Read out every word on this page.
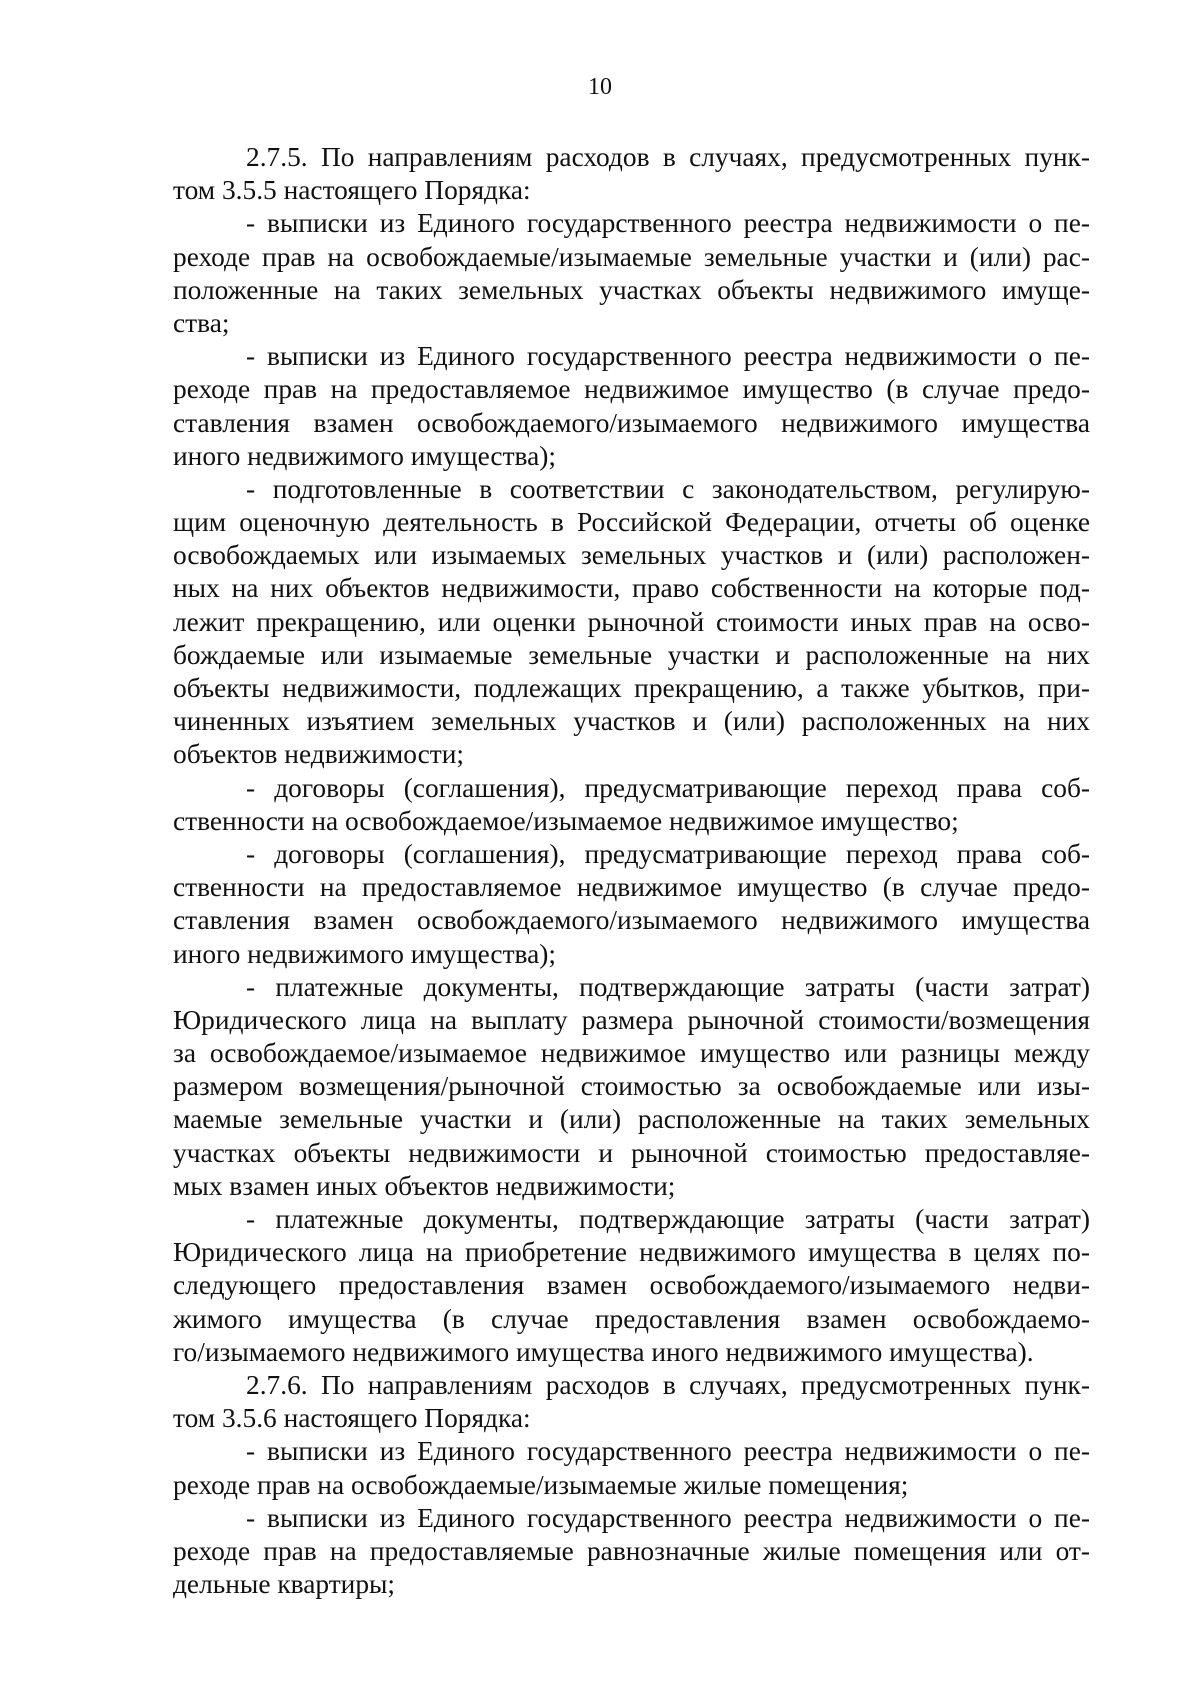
10
2.7.5. По направлениям расходов в случаях, предусмотренных пунк-
том 3.5.5 настоящего Порядка:
- выписки из Единого государственного реестра недвижимости о пе-
реходе прав на освобождаемые/изымаемые земельные участки и (или) рас-
положенные на таких земельных участках объекты недвижимого имуще-
ства;
- выписки из Единого государственного реестра недвижимости о пе-
реходе прав на предоставляемое недвижимое имущество (в случае предо-
ставления взамен освобождаемого/изымаемого недвижимого имущества
иного недвижимого имущества);
- подготовленные в соответствии с законодательством, регулирую-
щим оценочную деятельность в Российской Федерации, отчеты об оценке
освобождаемых или изымаемых земельных участков и (или) расположен-
ных на них объектов недвижимости, право собственности на которые под-
лежит прекращению, или оценки рыночной стоимости иных прав на осво-
бождаемые или изымаемые земельные участки и расположенные на них
объекты недвижимости, подлежащих прекращению, а также убытков, при-
чиненных изъятием земельных участков и (или) расположенных на них
объектов недвижимости;
- договоры (соглашения), предусматривающие переход права соб-
ственности на освобождаемое/изымаемое недвижимое имущество;
- договоры (соглашения), предусматривающие переход права соб-
ственности на предоставляемое недвижимое имущество (в случае предо-
ставления взамен освобождаемого/изымаемого недвижимого имущества
иного недвижимого имущества);
- платежные документы, подтверждающие затраты (части затрат)
Юридического лица на выплату размера рыночной стоимости/возмещения
за освобождаемое/изымаемое недвижимое имущество или разницы между
размером возмещения/рыночной стоимостью за освобождаемые или изы-
маемые земельные участки и (или) расположенные на таких земельных
участках объекты недвижимости и рыночной стоимостью предоставляе-
мых взамен иных объектов недвижимости;
- платежные документы, подтверждающие затраты (части затрат)
Юридического лица на приобретение недвижимого имущества в целях по-
следующего предоставления взамен освобождаемого/изымаемого недви-
жимого имущества (в случае предоставления взамен освобождаемо-
го/изымаемого недвижимого имущества иного недвижимого имущества).
2.7.6. По направлениям расходов в случаях, предусмотренных пунк-
том 3.5.6 настоящего Порядка:
- выписки из Единого государственного реестра недвижимости о пе-
реходе прав на освобождаемые/изымаемые жилые помещения;
- выписки из Единого государственного реестра недвижимости о пе-
реходе прав на предоставляемые равнозначные жилые помещения или от-
дельные квартиры;
